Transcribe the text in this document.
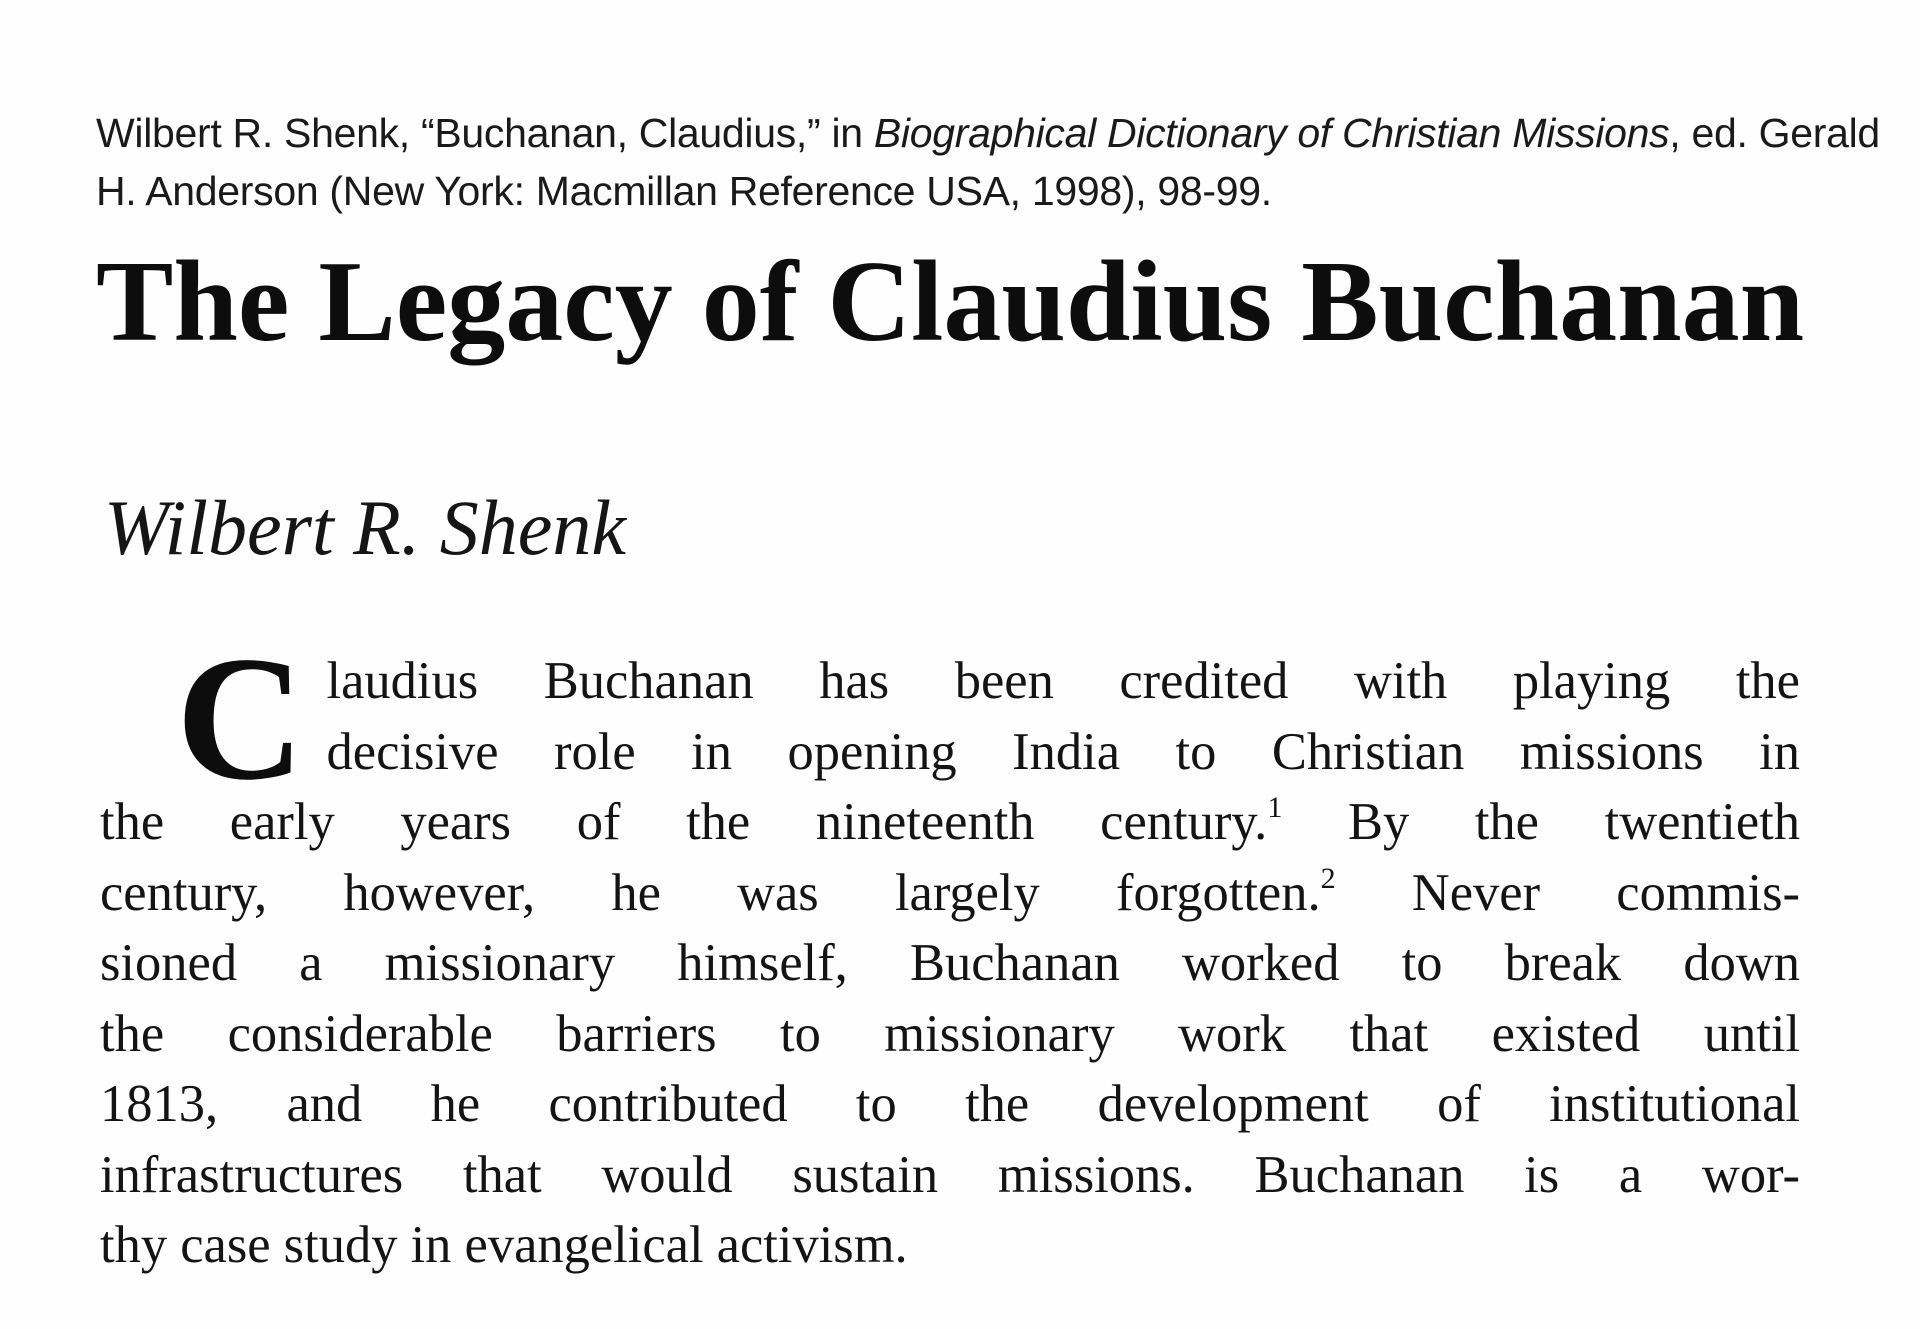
Wilbert R. Shenk, “Buchanan, Claudius,” in Biographical Dictionary of Christian Missions, ed. Gerald H. Anderson (New York: Macmillan Reference USA, 1998), 98-99.
The Legacy of Claudius Buchanan
Wilbert R. Shenk
C laudius Buchanan has been credited with playing the
decisive role in opening India to Christian missions in
the early years of the nineteenth century.$^1$ By the twentieth
century, however, he was largely forgotten.$^2$ Never commis-
sioned a missionary himself, Buchanan worked to break down
the considerable barriers to missionary work that existed until
1813, and he contributed to the development of institutional
infrastructures that would sustain missions. Buchanan is a wor-
thy case study in evangelical activism.
